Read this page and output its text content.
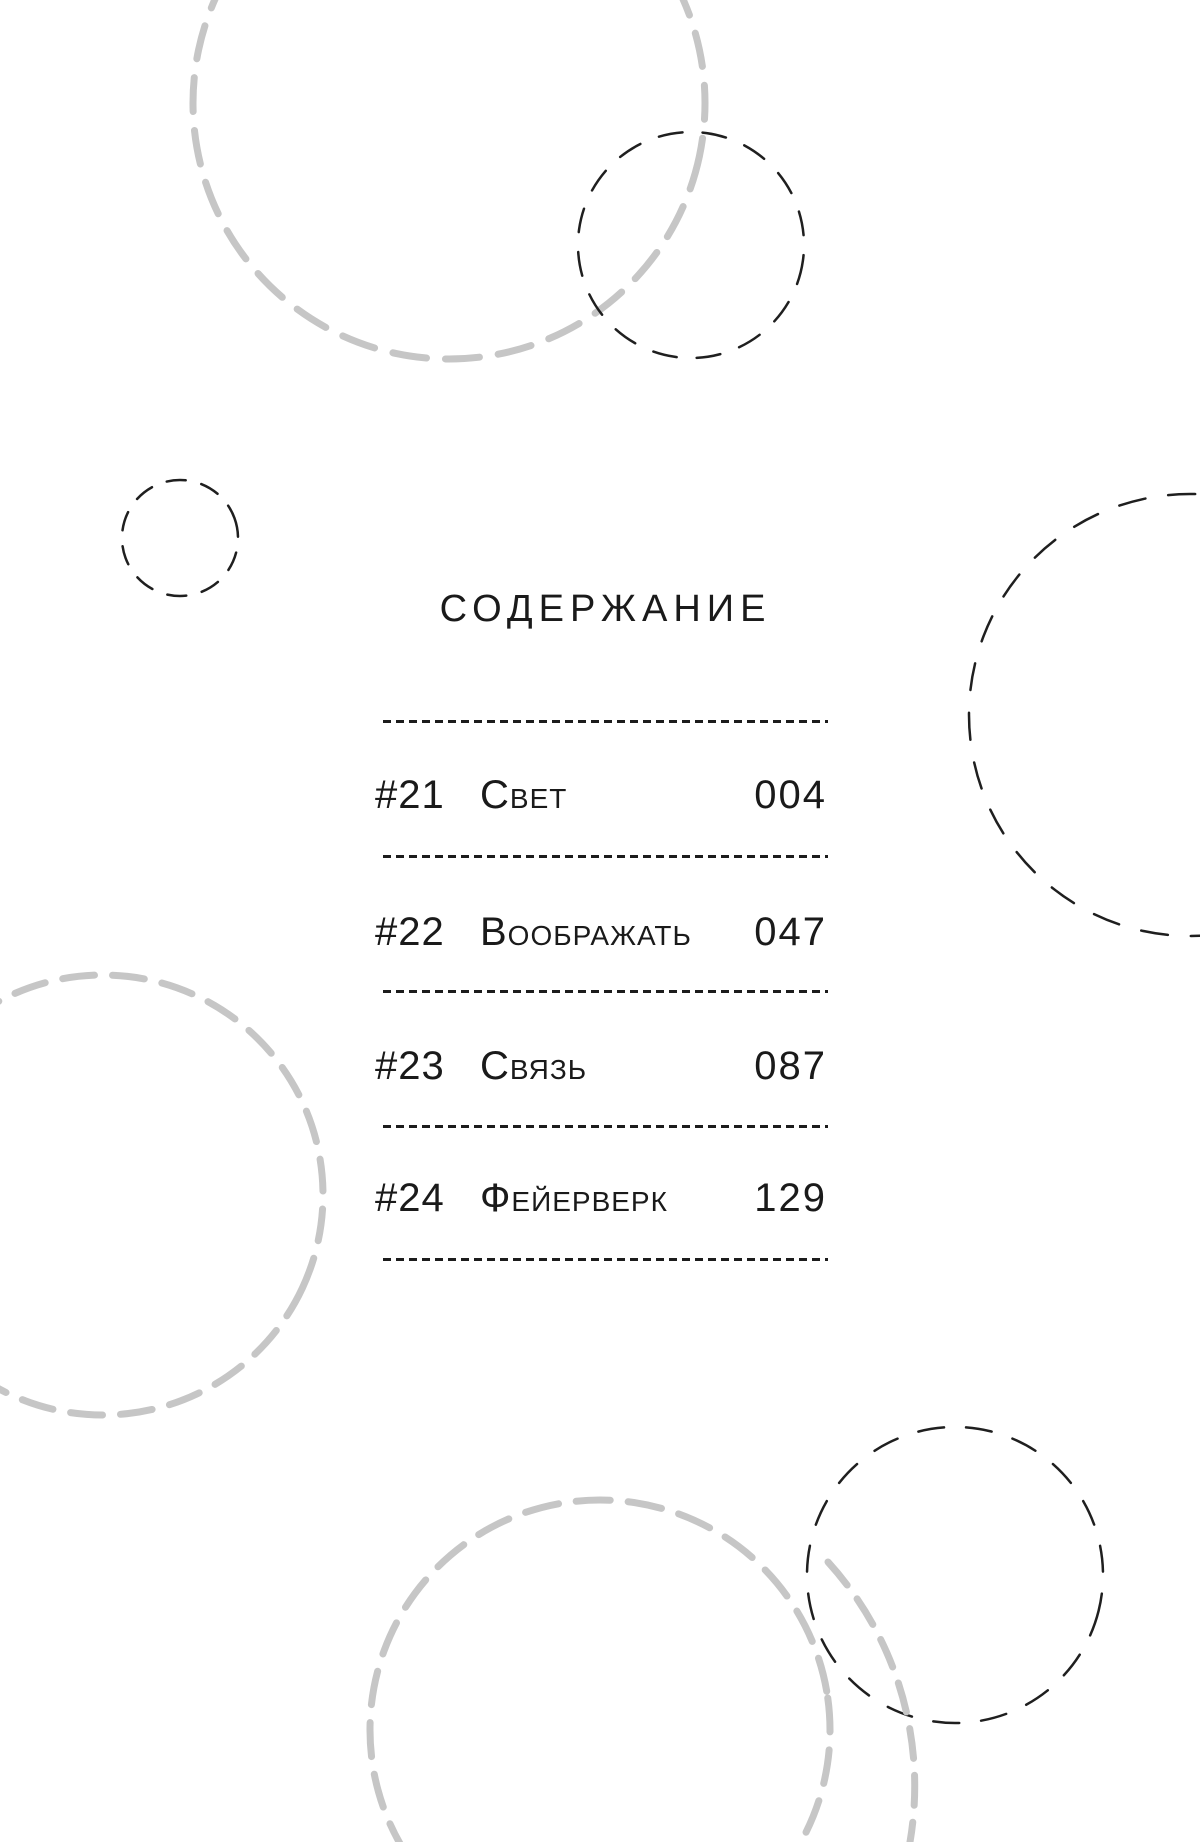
СОДЕРЖАНИЕ
#21 Свет	004
#22 Воображать	047
#23 Связь	087
#24 Фейерверк	129
